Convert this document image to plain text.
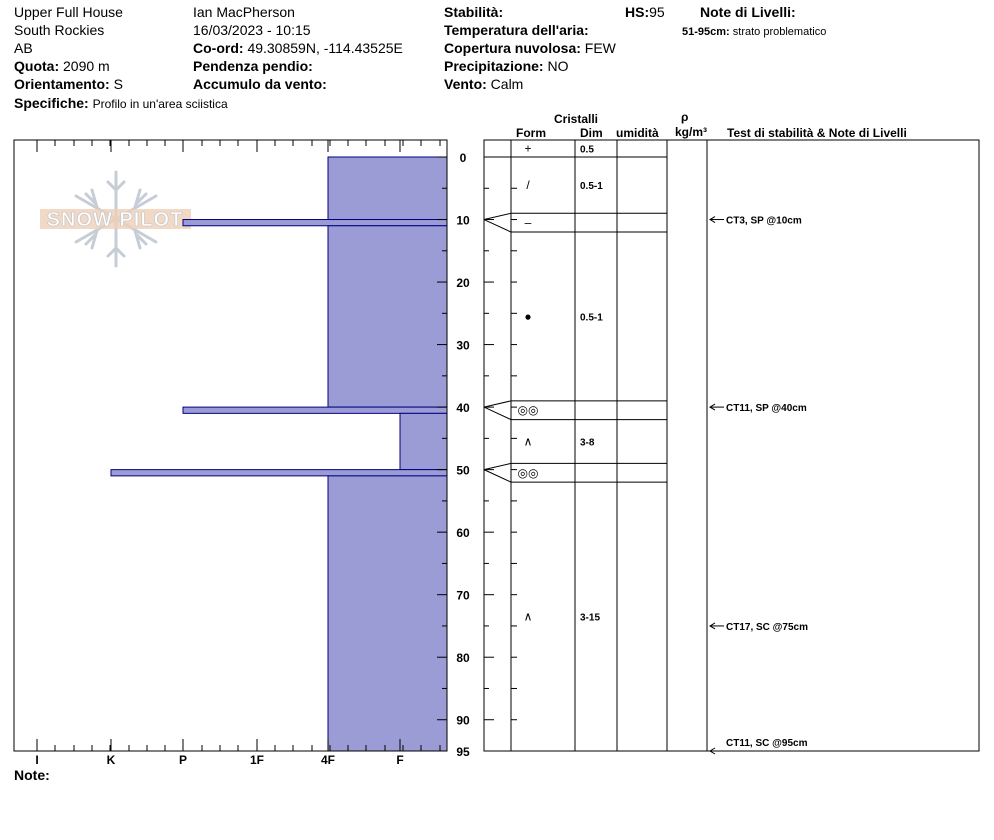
Upper Full House
South Rockies
AB
Quota: 2090 m
Orientamento: S
Specifiche: Profilo in un'area sciistica
Ian MacPherson
16/03/2023 - 10:15
Co-ord: 49.30859N, -114.43525E
Pendenza pendio:
Accumulo da vento:
Stabilità:
Temperatura dell'aria:
Copertura nuvolosa: FEW
Precipitazione: NO
Vento: Calm
HS:95	Note di Livelli:
51-95cm: strato problematico
Cristalli
Form	Dim umidità
ρ
kg/m³ Test di stabilità & Note di Livelli
Note:
SNOW PILOT
I	K	P	1F	4F	F
0
10
20
30
40
50
60
70
80
90
95
+	0.5
/	0.5-1
–
●	0.5-1
◎◎
∧	3-8
◎◎
∧	3-15
CT3, SP @10cm
CT11, SP @40cm
CT17, SC @75cm
CT11, SC @95cm
